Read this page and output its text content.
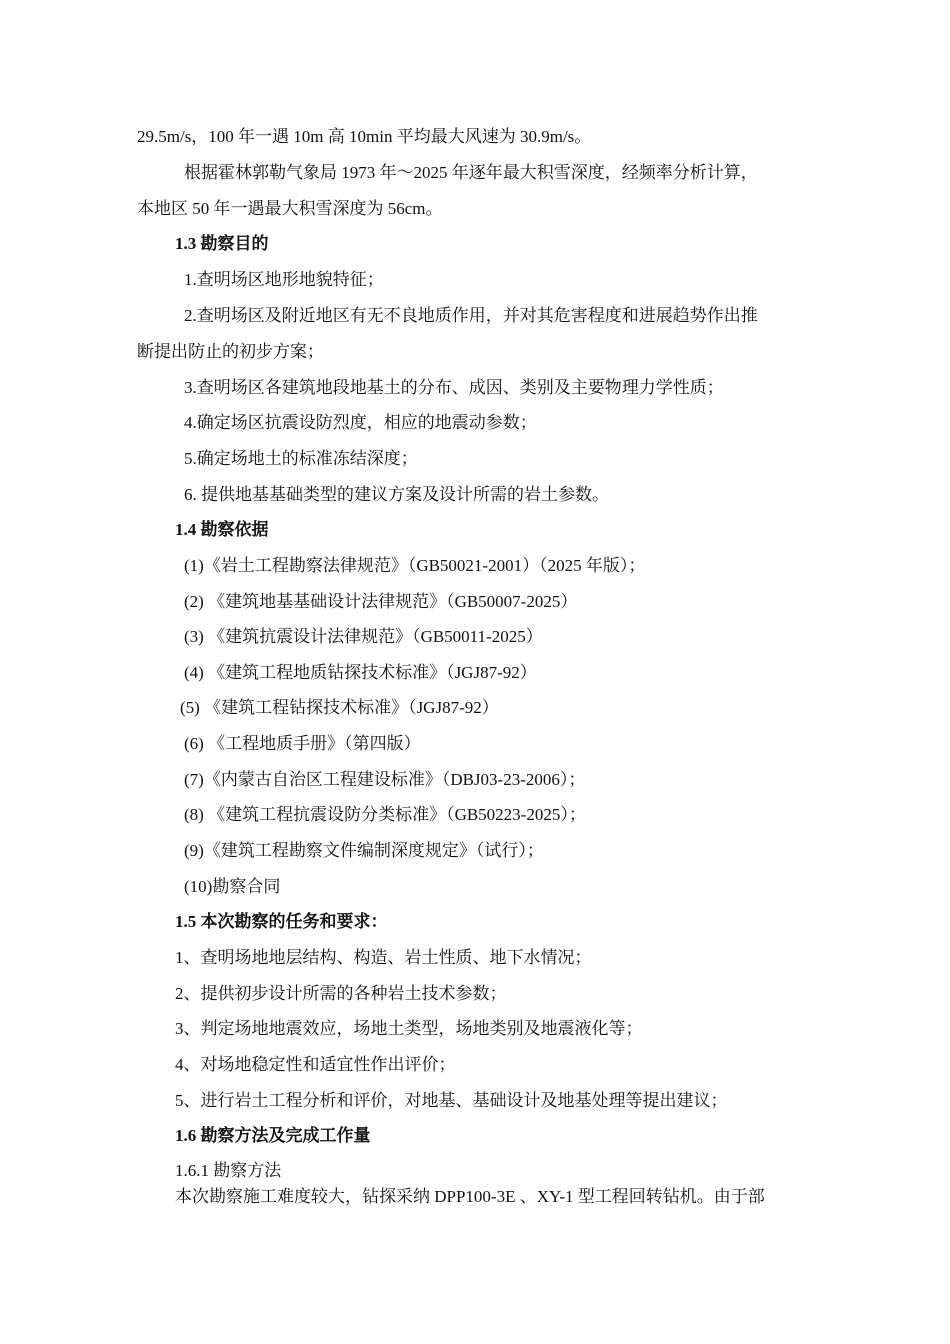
29.5m/s，100 年一遇 10m 高 10min 平均最大风速为 30.9m/s。
根据霍林郭勒气象局 1973 年～2025 年逐年最大积雪深度，经频率分析计算，
本地区 50 年一遇最大积雪深度为 56cm。
1.3 勘察目的
1.查明场区地形地貌特征；
2.查明场区及附近地区有无不良地质作用，并对其危害程度和进展趋势作出推
断提出防止的初步方案；
3.查明场区各建筑地段地基土的分布、成因、类别及主要物理力学性质；
4.确定场区抗震设防烈度，相应的地震动参数；
5.确定场地土的标准冻结深度；
6. 提供地基基础类型的建议方案及设计所需的岩土参数。
1.4 勘察依据
(1)《岩土工程勘察法律规范》（GB50021-2001）（2025 年版）；
(2) 《建筑地基基础设计法律规范》（GB50007-2025）
(3) 《建筑抗震设计法律规范》（GB50011-2025）
(4) 《建筑工程地质钻探技术标准》（JGJ87-92）
(5) 《建筑工程钻探技术标准》（JGJ87-92）
(6) 《工程地质手册》（第四版）
(7)《内蒙古自治区工程建设标准》（DBJ03-23-2006）；
(8) 《建筑工程抗震设防分类标准》（GB50223-2025）；
(9)《建筑工程勘察文件编制深度规定》（试行）；
(10)勘察合同
1.5 本次勘察的任务和要求：
1、查明场地地层结构、构造、岩土性质、地下水情况；
2、提供初步设计所需的各种岩土技术参数；
3、判定场地地震效应，场地土类型，场地类别及地震液化等；
4、对场地稳定性和适宜性作出评价；
5、进行岩土工程分析和评价，对地基、基础设计及地基处理等提出建议；
1.6 勘察方法及完成工作量
1.6.1 勘察方法
本次勘察施工难度较大，钻探采纳 DPP100-3E 、XY-1 型工程回转钻机。由于部
